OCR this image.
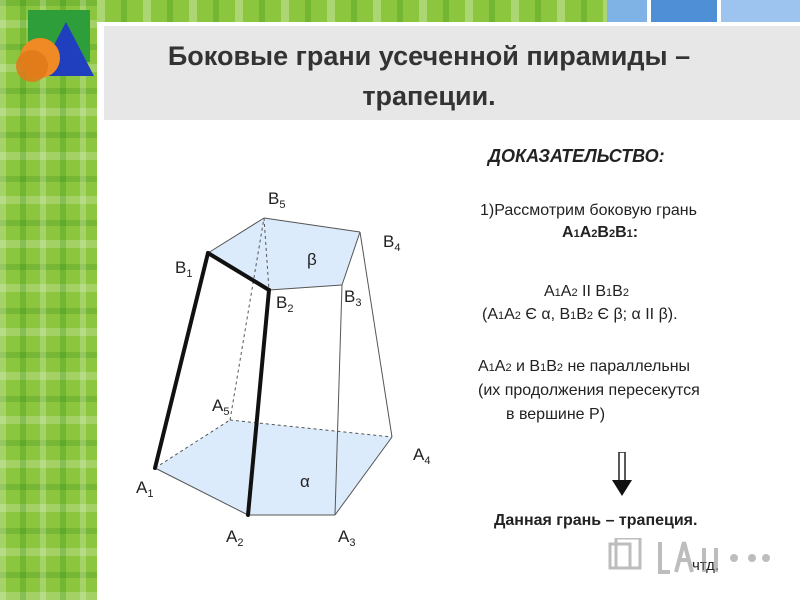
Боковые грани усеченной пирамиды – трапеции.
$B_5$
$B_4$
$B_1$
$B_2$
$B_3$
$A_5$
$A_4$
$A_1$
$A_2$	$A_3$
β
α
ДОКАЗАТЕЛЬСТВО:
1)Рассмотрим боковую грань
A1A2B2B1:
A1A2 II B1B2
(A1A2 Є α, B1B2 Є β; α II β).
A1A2 и B1B2 не параллельны
(их продолжения пересекутся
в вершине P)
Данная грань – трапеция.
чтд.
